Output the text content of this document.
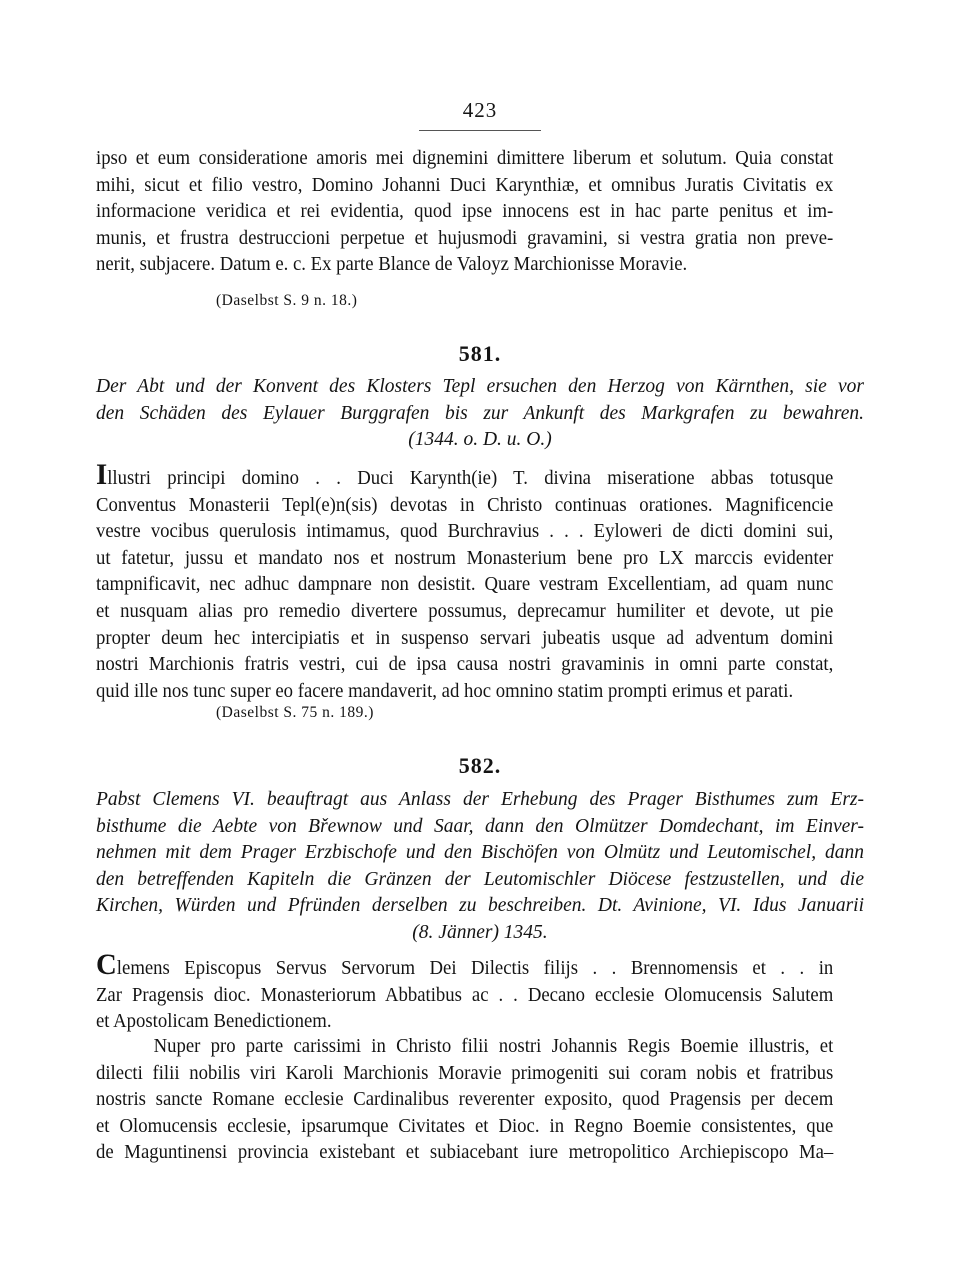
423
ipso et eum consideratione amoris mei dignemini dimittere liberum et solutum. Quia constat
mihi, sicut et filio vestro, Domino Johanni Duci Karynthiæ, et omnibus Juratis Civitatis ex
informacione veridica et rei evidentia, quod ipse innocens est in hac parte penitus et im-
munis, et frustra destruccioni perpetue et hujusmodi gravamini, si vestra gratia non preve-
nerit, subjacere. Datum e. c. Ex parte Blance de Valoyz Marchionisse Moravie.
(Daselbst S. 9 n. 18.)
581.
Der Abt und der Konvent des Klosters Tepl ersuchen den Herzog von Kärnthen, sie vor
den Schäden des Eylauer Burggrafen bis zur Ankunft des Markgrafen zu bewahren.
(1344. o. D. u. O.)
Illustri principi domino . . Duci Karynth(ie) T. divina miseratione abbas totusque
Conventus Monasterii Tepl(e)n(sis) devotas in Christo continuas orationes. Magnificencie
vestre vocibus querulosis intimamus, quod Burchravius . . . Eyloweri de dicti domini sui,
ut fatetur, jussu et mandato nos et nostrum Monasterium bene pro LX marccis evidenter
tampnificavit, nec adhuc dampnare non desistit. Quare vestram Excellentiam, ad quam nunc
et nusquam alias pro remedio divertere possumus, deprecamur humiliter et devote, ut pie
propter deum hec intercipiatis et in suspenso servari jubeatis usque ad adventum domini
nostri Marchionis fratris vestri, cui de ipsa causa nostri gravaminis in omni parte constat,
quid ille nos tunc super eo facere mandaverit, ad hoc omnino statim prompti erimus et parati.
(Daselbst S. 75 n. 189.)
582.
Pabst Clemens VI. beauftragt aus Anlass der Erhebung des Prager Bisthumes zum Erz-
bisthume die Aebte von Břewnow und Saar, dann den Olmützer Domdechant, im Einver-
nehmen mit dem Prager Erzbischofe und den Bischöfen von Olmütz und Leutomischel, dann
den betreffenden Kapiteln die Gränzen der Leutomischler Diöcese festzustellen, und die
Kirchen, Würden und Pfründen derselben zu beschreiben. Dt. Avinione, VI. Idus Januarii
(8. Jänner) 1345.
Clemens Episcopus Servus Servorum Dei Dilectis filijs . . Brennomensis et . . in
Zar Pragensis dioc. Monasteriorum Abbatibus ac . . Decano ecclesie Olomucensis Salutem
et Apostolicam Benedictionem.
Nuper pro parte carissimi in Christo filii nostri Johannis Regis Boemie illustris, et
dilecti filii nobilis viri Karoli Marchionis Moravie primogeniti sui coram nobis et fratribus
nostris sancte Romane ecclesie Cardinalibus reverenter exposito, quod Pragensis per decem
et Olomucensis ecclesie, ipsarumque Civitates et Dioc. in Regno Boemie consistentes, que
de Maguntinensi provincia existebant et subiacebant iure metropolitico Archiepiscopo Ma–
